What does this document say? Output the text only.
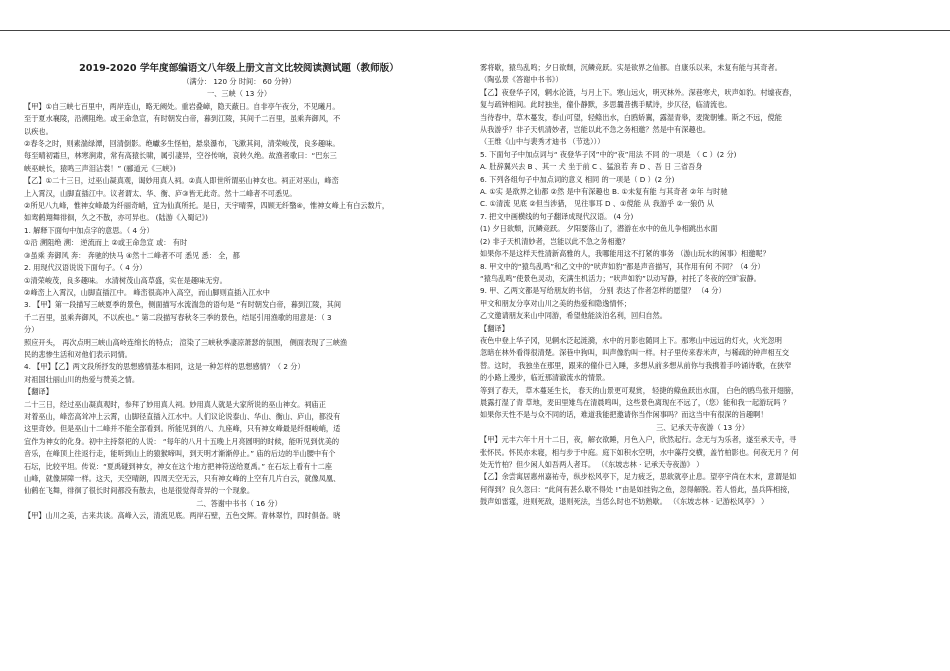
2019-2020 学年度部编语文八年级上册文言文比较阅读测试题（教师版）

（满分： 120 分 时间： 60 分钟）

一、三峡（ 13 分）

【甲】①自三峡七百里中，两岸连山，略无阙处。重岩叠嶂，隐天蔽日。自非亭午夜分，不见曦月。

至于夏水襄陵，沿溯阻绝。或王命急宣，有时朝发白帝，暮到江陵，其间千二百里，虽乘奔御风，不

以疾也。

②春冬之时，则素湍绿潭，回清倒影。绝巘多生怪柏，悬泉瀑布，飞漱其间，清荣峻茂，良多趣味。

每至晴初霜旦，林寒涧肃，常有高猿长啸，属引凄异，空谷传响，哀转久绝。故渔者歌曰：“巴东三

峡巫峡长，猿鸣三声泪沾裳！” (郦道元《三峡》)

【乙】①二十三日，过巫山凝真观，谒妙用真人祠。②真人即世所谓巫山神女也。祠正对巫山，峰峦

上入霄汉，山脚直插江中。议者谓太、华、衡、庐③皆无此奇。然十二峰者不可悉见。

②所见八九峰，惟神女峰最为纤丽奇峭，宜为仙真所托。是日，天宇晴霁，四顾无纤翳④，惟神女峰上有白云数片，

如鸾鹤翔舞徘徊，久之不散，亦可异也。 (陆游《入蜀记》)

1. 解释下面句中加点字的意思。（ 4 分）

①沿 溯阻绝 溯： 逆流而上 ②或王命急宣 或： 有时

③虽乘 奔御风 奔： 奔驰的快马 ④然十二峰者不可 悉见 悉： 全，都

2. 用现代汉语说说下面句子。（ 4 分）

①清荣峻茂，良多趣味。 水清树茂山高草盛，实在是趣味无穷。

②峰峦上入霄汉，山脚直插江中。 峰峦很高冲入高空，而山脚则直插入江水中

3. 【甲】第一段描写三峡夏季的景色，侧面描写水流湍急的语句是 “有时朝发白帝，暮到江陵，其间

千二百里，虽乘奔御风，不以疾也。” 第二段描写春秋冬三季的景色，结尾引用渔歌的用意是：（ 3

分）

照应开头， 再次点明三峡山高岭连绵长的特点； 渲染了三峡秋季凄凉萧瑟的氛围， 侧面表现了三峡渔

民的悲惨生活和对他们表示同情。

4. 【甲】【乙】两文段所抒发的思想感情基本相同，这是一种怎样的思想感情？（ 2 分）

对祖国壮丽山川的热爱与赞美之情。

【翻译】

二十三日，经过巫山凝真观时，参拜了妙用真人祠。妙用真人就是大家所说的巫山神女。祠庙正

对着巫山，峰峦高耸冲上云霄，山脚径直插入江水中。人们议论说泰山、华山、衡山、庐山，都没有

这里奇妙。但是巫山十二峰并不能全部看到。所能见到的八、九座峰，只有神女峰最是纤细峻峭，适

宜作为神女的化身。初中主持祭祀的人说： “每年的八月十五晚上月亮圆明的时候，能听见到优美的

音乐，在峰顶上往返行走，能听到山上的猿猴啼叫，到天明才渐渐停止。” 庙的后边的半山腰中有个

石坛，比较平坦。传说：“夏禹碰到神女，神女在这个地方把神符送给夏禹。” 在石坛上看有十二座

山峰，就像屏障一样。这天，天空晴朗，四周天空无云，只有神女峰的上空有几片白云，就像凤凰、

仙鹤在飞舞，徘徊了很长时间都没有散去，也是很觉得奇异的一个现象。

二、答谢中书书（ 16 分）

【甲】山川之美，古来共谈。高峰入云，清流见底。两岸石壁，五色交辉。青林翠竹，四时俱备。晓

雾将歇，猿鸟乱鸣；夕日欲颓，沉鳞竞跃。实是欲界之仙都。自康乐以来，未复有能与其奇者。

（陶弘景《答谢中书书》）

【乙】夜登华子冈，辋水沦涟，与月上下。寒山远火，明灭林外。深巷寒犬，吠声如豹。村墟夜舂，

复与疏钟相间。此时独坐，僮仆静默，多思曩昔携手赋诗，步仄径，临清流也。

当待春中，草木蔓发，春山可望，轻鲦出水，白鸥矫翼，露湿青皋，麦陇朝雊。斯之不远，傥能

从我游乎？非子天机清妙者，岂能以此不急之务相邀？然是中有深趣也。

（王维《山中与裴秀才迪书 （节选）））

5. 下面句子中加点词与“ 夜登华子冈”中的“夜”用法 不同 的一项是 （ C ）(2 分)

A. 肚辞翼兴去 B 、其一 犬 坐于前 C 、猛浪若 奔 D 、吾 日 三省吾身

6. 下列各组句子中加点词的意义 相同 的一项是（ D ）(2 分)

A. ①实 是欲界之仙都 ②然 是中有深趣也 B. ①未复有能 与其奇者 ②年 与时驰

C. ①清流 见底 ②但当涉猎， 见往事耳 D 、①傥能 从 我游乎 ②一狼仍 从

7. 把文中画横线的句子翻译成现代汉语。 (4 分)

(1) 夕日欲颓，沉鳞竞跃。 夕阳要落山了，潜游在水中的鱼儿争相跳出水面

(2) 非子天机清妙者，岂能以此不急之务相邀？

如果你不是这样天性清新高雅的人，我哪能用这不打紧的事务 （游山玩水的闲事）相邀呢？

8. 甲文中的“猿鸟乱鸣”和乙文中的“吠声如豹”都是声音描写，其作用有何 不同？（4 分）

“猿鸟乱鸣”使景色灵动，充满生机活力；“吠声如豹”以动写静，衬托了冬夜的空旷寂静。

9. 甲、乙两文都是写给朋友的书信， 分别 表达了作者怎样的愿望？ （4 分）

甲文和朋友分享对山川之美的热爱和隐逸情怀；

乙文邀请朋友来山中同游，希望他能淡泊名利，回归自然。

【翻译】

夜色中登上华子冈，见辋水泛起涟漪，水中的月影也随同上下。那寒山中远远的灯火，火光忽明

忽暗在林外看得很清楚。深巷中狗叫，叫声像豹叫一样。村子里传来春米声，与稀疏的钟声相互交

替。这时， 我独坐在那里，跟来的僮仆已入睡，多想从前多想从前你与我携着手吟诵诗歌，在狭窄

的小路上漫步，临近那清澈流水的情景。

等到了春天， 草木蔓延生长， 春天的山景更可观赏， 轻捷的鲦鱼跃出水面， 白色的鸥鸟张开翅膀，

晨露打湿了青 草地，麦田里雉鸟在清晨鸣叫，这些景色离现在不远了，（您）能和我一起游玩吗 ？

如果你天性不是与众不同的话，难道我能把邀请你当作闲事吗？而这当中有很深的旨趣啊！

三、记承天寺夜游（ 13 分）

【甲】元丰六年十月十二日，夜，解衣欲睡，月色入户，欣然起行。念无与为乐者，遂至承天寺，寻

张怀民。怀民亦未寝，相与步于中庭。庭下如积水空明，水中藻荇交横，盖竹柏影也。何夜无月 ？何

处无竹柏？但少闲人如吾两人者耳。 （《东坡志林 · 记承天寺夜游》 ）

【乙】余尝寓居惠州嘉祐寺，纵步松风亭下，足力疲乏，思欲就亭止息。望亭宇尚在木末，意谓是如

何得到？良久忽曰：“此间有甚么歇不得处 !”由是如挂钩之鱼，忽得解脱。若人悟此，虽兵阵相接，

鼓声如雷霆，进则死敌，退则死法，当恁么时也不妨熟歇。 （《东坡志林 · 记游松风亭》 ）
